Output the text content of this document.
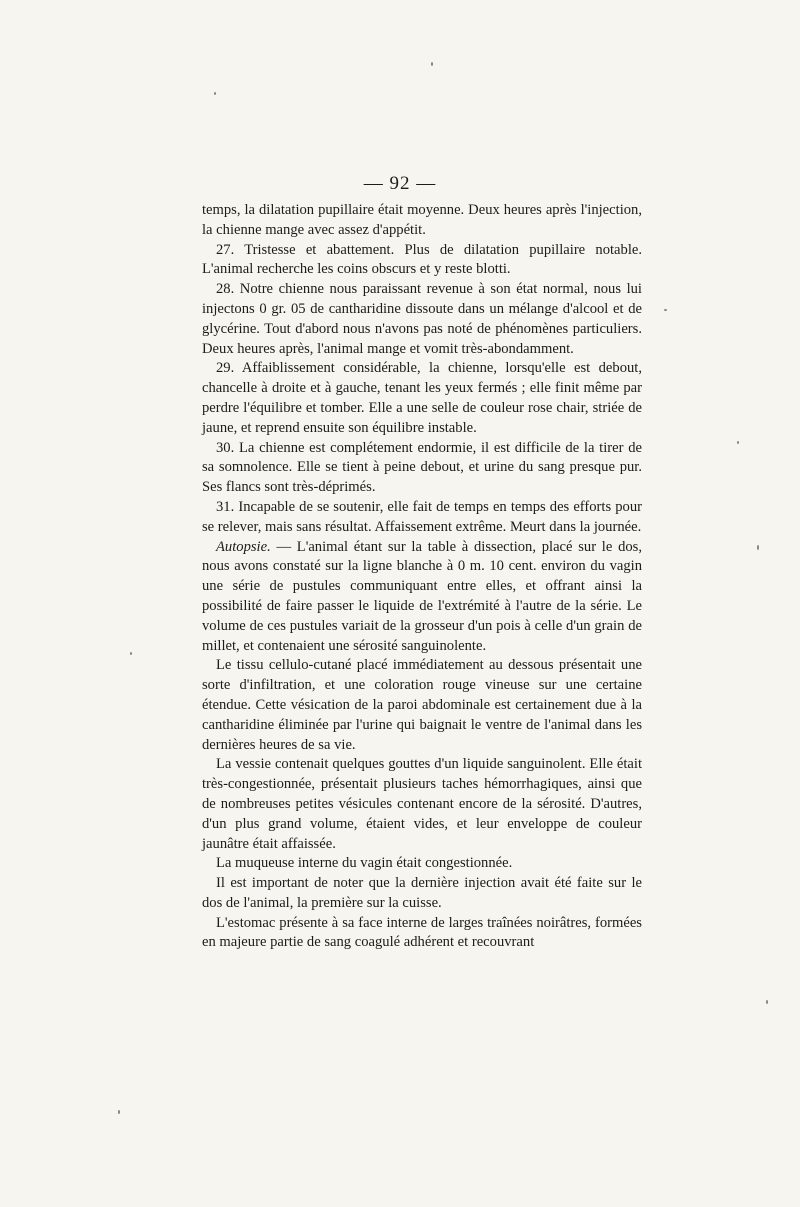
— 92 —

temps, la dilatation pupillaire était moyenne. Deux heures après l'injection, la chienne mange avec assez d'appétit.

27. Tristesse et abattement. Plus de dilatation pupillaire notable. L'animal recherche les coins obscurs et y reste blotti.

28. Notre chienne nous paraissant revenue à son état normal, nous lui injectons 0 gr. 05 de cantharidine dissoute dans un mélange d'alcool et de glycérine. Tout d'abord nous n'avons pas noté de phénomènes particuliers. Deux heures après, l'animal mange et vomit très-abondamment.

29. Affaiblissement considérable, la chienne, lorsqu'elle est debout, chancelle à droite et à gauche, tenant les yeux fermés ; elle finit même par perdre l'équilibre et tomber. Elle a une selle de couleur rose chair, striée de jaune, et reprend ensuite son équilibre instable.

30. La chienne est complétement endormie, il est difficile de la tirer de sa somnolence. Elle se tient à peine debout, et urine du sang presque pur. Ses flancs sont très-déprimés.

31. Incapable de se soutenir, elle fait de temps en temps des efforts pour se relever, mais sans résultat. Affaissement extrême. Meurt dans la journée.

Autopsie. — L'animal étant sur la table à dissection, placé sur le dos, nous avons constaté sur la ligne blanche à 0 m. 10 cent. environ du vagin une série de pustules communiquant entre elles, et offrant ainsi la possibilité de faire passer le liquide de l'extrémité à l'autre de la série. Le volume de ces pustules variait de la grosseur d'un pois à celle d'un grain de millet, et contenaient une sérosité sanguinolente.

Le tissu cellulo-cutané placé immédiatement au dessous présentait une sorte d'infiltration, et une coloration rouge vineuse sur une certaine étendue. Cette vésication de la paroi abdominale est certainement due à la cantharidine éliminée par l'urine qui baignait le ventre de l'animal dans les dernières heures de sa vie.

La vessie contenait quelques gouttes d'un liquide sanguinolent. Elle était très-congestionnée, présentait plusieurs taches hémorrhagiques, ainsi que de nombreuses petites vésicules contenant encore de la sérosité. D'autres, d'un plus grand volume, étaient vides, et leur enveloppe de couleur jaunâtre était affaissée.

La muqueuse interne du vagin était congestionnée.

Il est important de noter que la dernière injection avait été faite sur le dos de l'animal, la première sur la cuisse.

L'estomac présente à sa face interne de larges traînées noirâtres, formées en majeure partie de sang coagulé adhérent et recouvrant
